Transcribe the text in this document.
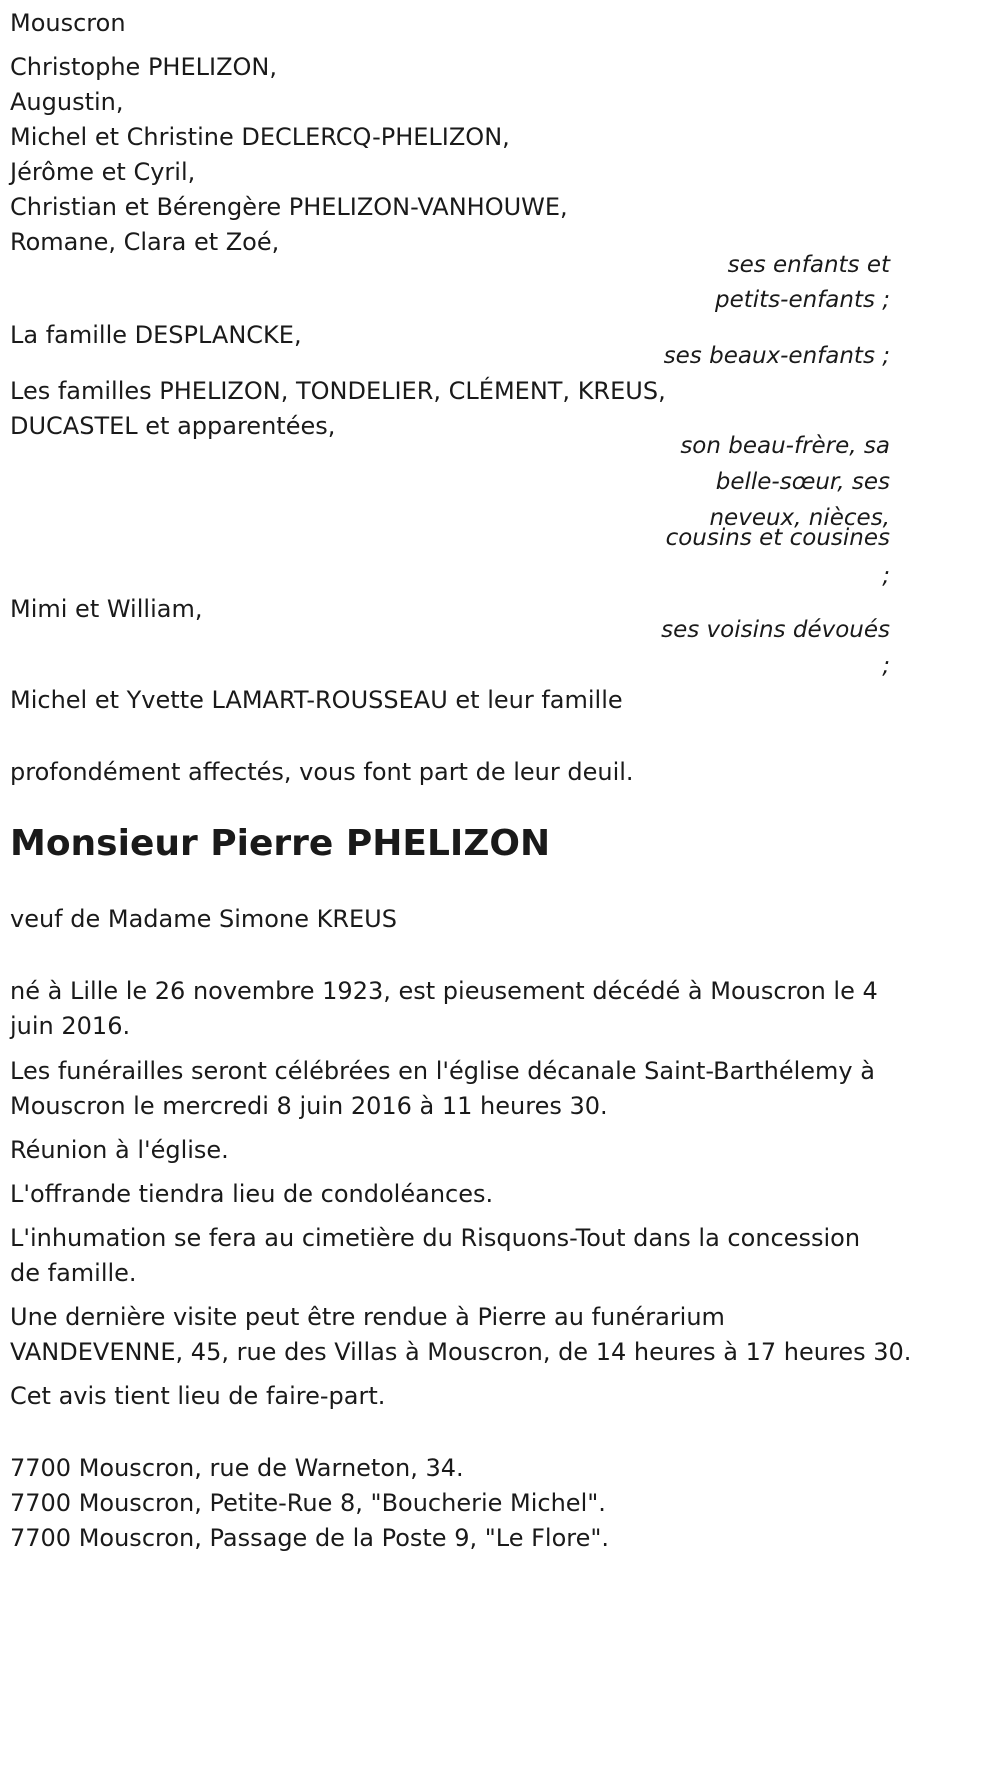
Mouscron
Christophe PHELIZON,
Augustin,
Michel et Christine DECLERCQ-PHELIZON,
Jérôme et Cyril,
Christian et Bérengère PHELIZON-VANHOUWE,
Romane, Clara et Zoé,
ses enfants et
petits-enfants ;
La famille DESPLANCKE,
ses beaux-enfants ;
Les familles PHELIZON, TONDELIER, CLÉMENT, KREUS,
DUCASTEL et apparentées,
son beau-frère, sa
belle-sœur, ses
neveux, nièces,
cousins et cousines
;
Mimi et William,
ses voisins dévoués
;
Michel et Yvette LAMART-ROUSSEAU et leur famille
profondément affectés, vous font part de leur deuil.
Monsieur Pierre PHELIZON
veuf de Madame Simone KREUS
né à Lille le 26 novembre 1923, est pieusement décédé à Mouscron le 4
juin 2016.
Les funérailles seront célébrées en l'église décanale Saint-Barthélemy à
Mouscron le mercredi 8 juin 2016 à 11 heures 30.
Réunion à l'église.
L'offrande tiendra lieu de condoléances.
L'inhumation se fera au cimetière du Risquons-Tout dans la concession
de famille.
Une dernière visite peut être rendue à Pierre au funérarium
VANDEVENNE, 45, rue des Villas à Mouscron, de 14 heures à 17 heures 30.
Cet avis tient lieu de faire-part.
7700 Mouscron, rue de Warneton, 34.
7700 Mouscron, Petite-Rue 8, "Boucherie Michel".
7700 Mouscron, Passage de la Poste 9, "Le Flore".
